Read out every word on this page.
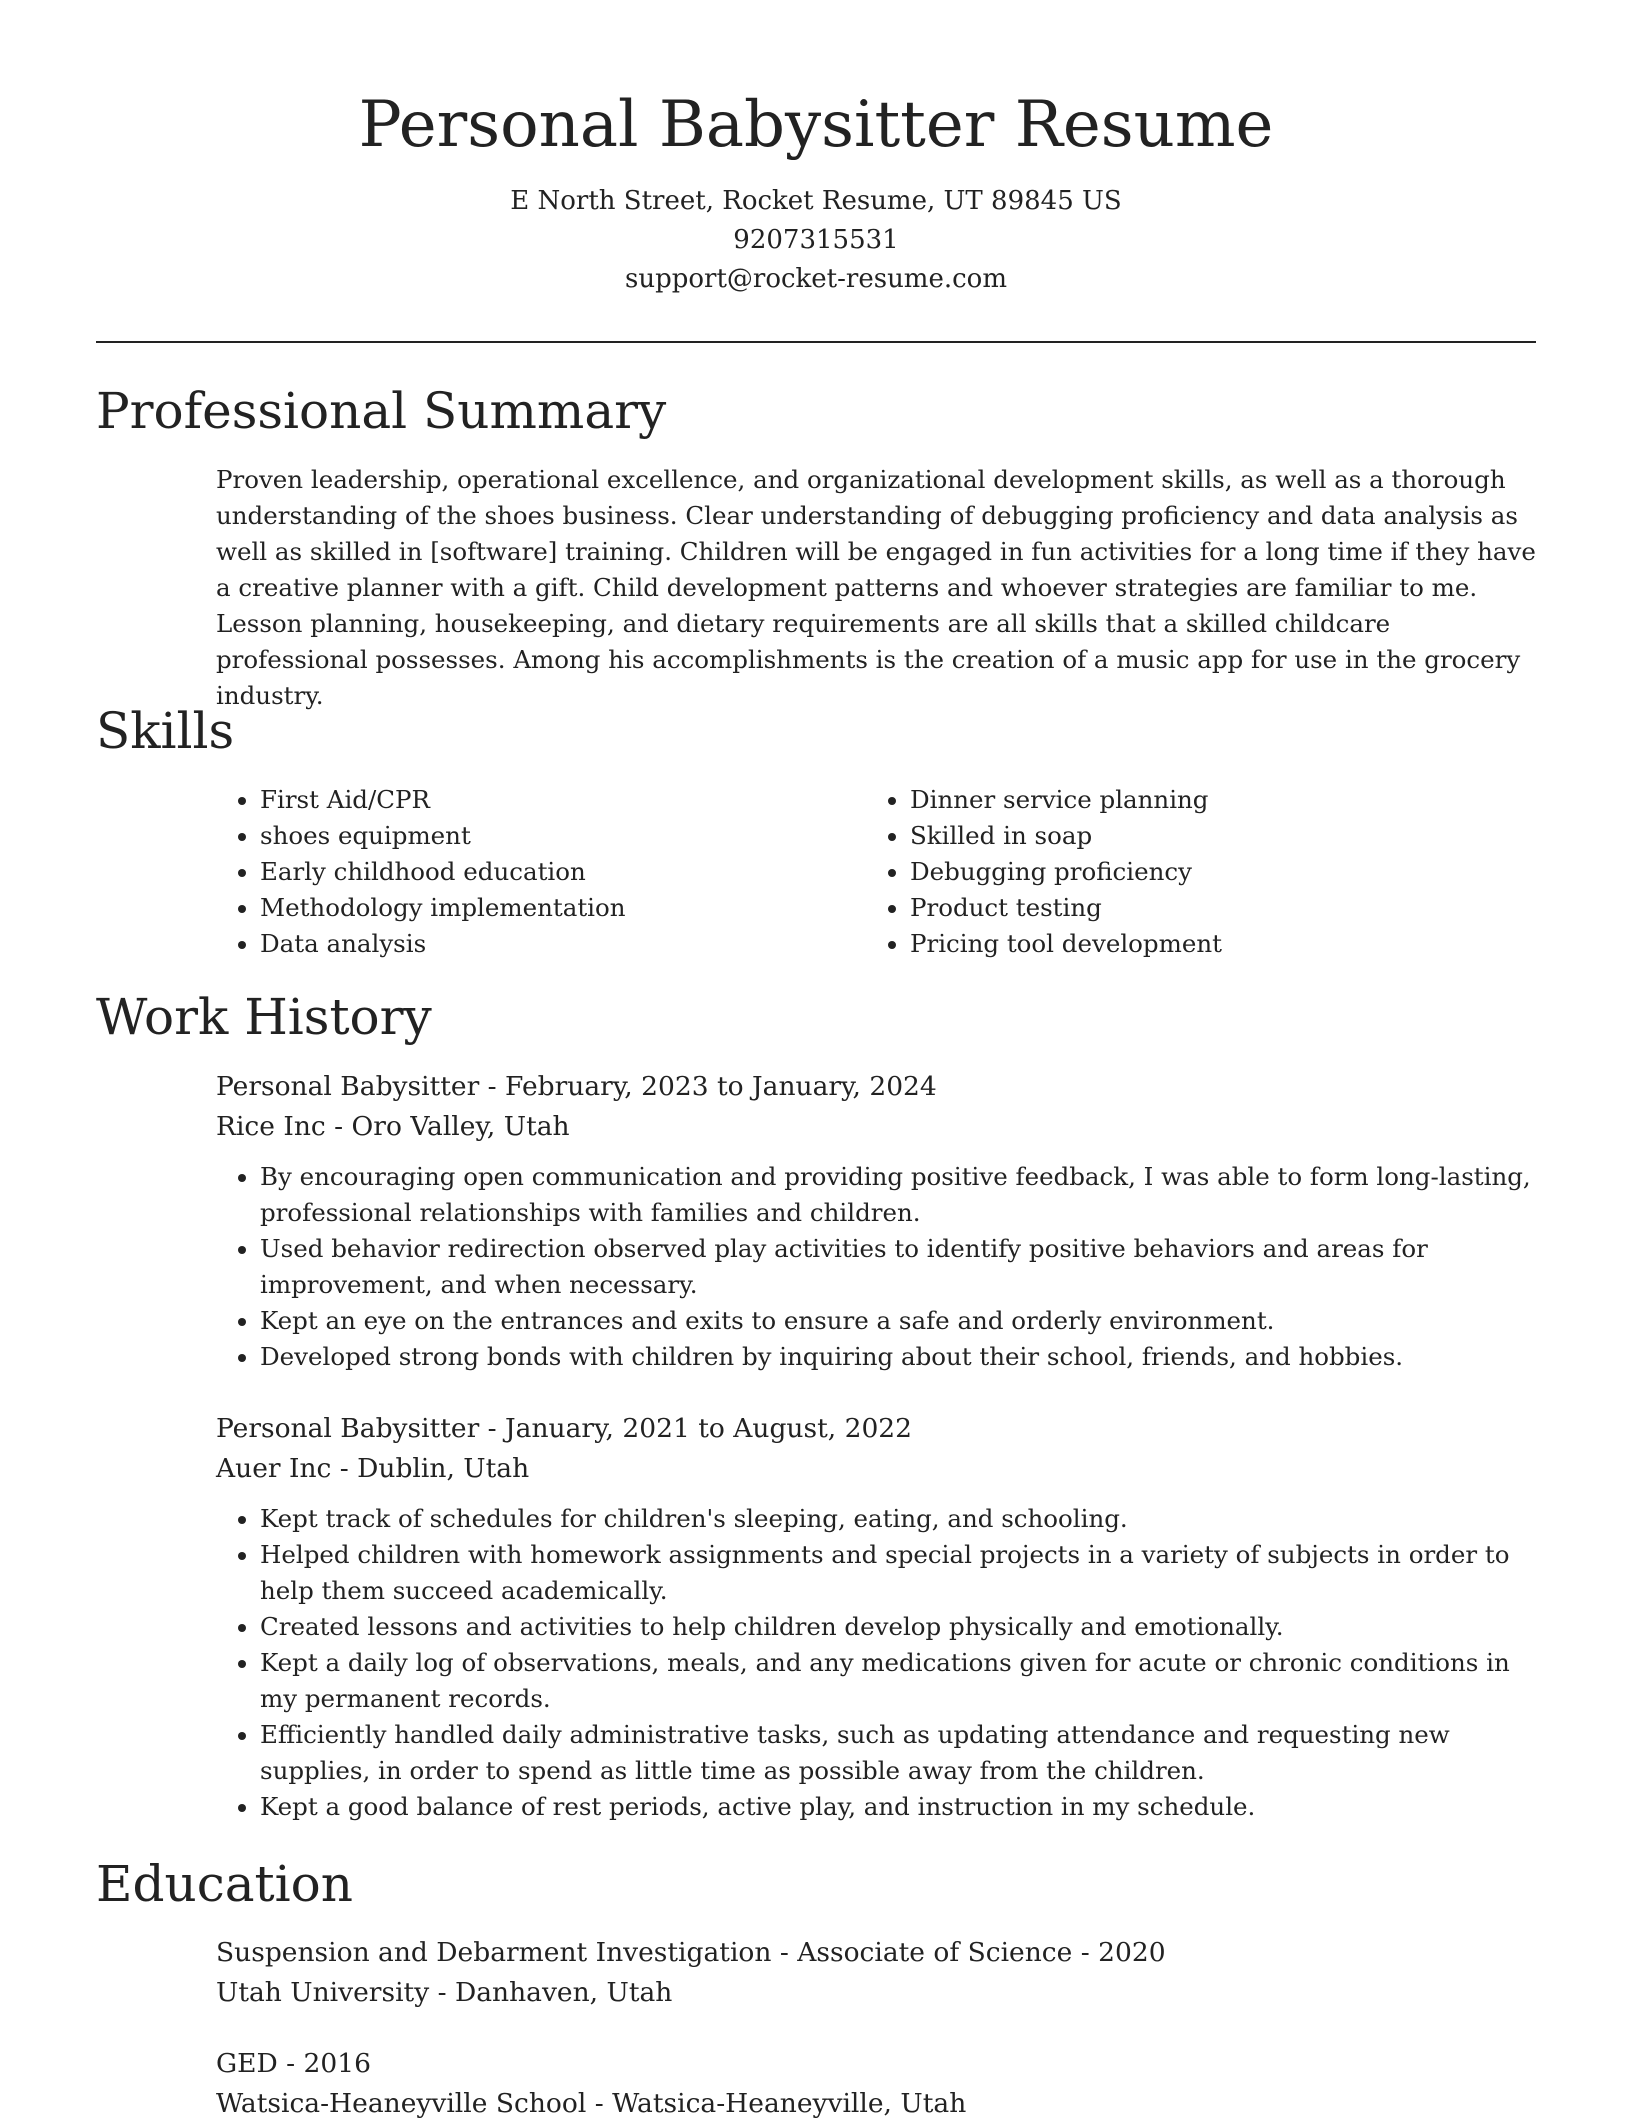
Personal Babysitter Resume

E North Street, Rocket Resume, UT 89845 US

9207315531

support@rocket-resume.com

Professional Summary

Proven leadership, operational excellence, and organizational development skills, as well as a thorough understanding of the shoes business. Clear understanding of debugging proficiency and data analysis as well as skilled in [software] training. Children will be engaged in fun activities for a long time if they have a creative planner with a gift. Child development patterns and whoever strategies are familiar to me. Lesson planning, housekeeping, and dietary requirements are all skills that a skilled childcare professional possesses. Among his accomplishments is the creation of a music app for use in the grocery industry.

Skills
• First Aid/CPR
• shoes equipment
• Early childhood education
• Methodology implementation
• Data analysis
• Dinner service planning
• Skilled in soap
• Debugging proficiency
• Product testing
• Pricing tool development
Work History

Personal Babysitter - February, 2023 to January, 2024

Rice Inc - Oro Valley, Utah

• By encouraging open communication and providing positive feedback, I was able to form long-lasting, professional relationships with families and children.
• Used behavior redirection observed play activities to identify positive behaviors and areas for improvement, and when necessary.
• Kept an eye on the entrances and exits to ensure a safe and orderly environment.
• Developed strong bonds with children by inquiring about their school, friends, and hobbies.

Personal Babysitter - January, 2021 to August, 2022

Auer Inc - Dublin, Utah

• Kept track of schedules for children's sleeping, eating, and schooling.
• Helped children with homework assignments and special projects in a variety of subjects in order to help them succeed academically.
• Created lessons and activities to help children develop physically and emotionally.
• Kept a daily log of observations, meals, and any medications given for acute or chronic conditions in my permanent records.
• Efficiently handled daily administrative tasks, such as updating attendance and requesting new supplies, in order to spend as little time as possible away from the children.
• Kept a good balance of rest periods, active play, and instruction in my schedule.
Education

Suspension and Debarment Investigation - Associate of Science - 2020

Utah University - Danhaven, Utah

GED - 2016

Watsica-Heaneyville School - Watsica-Heaneyville, Utah
